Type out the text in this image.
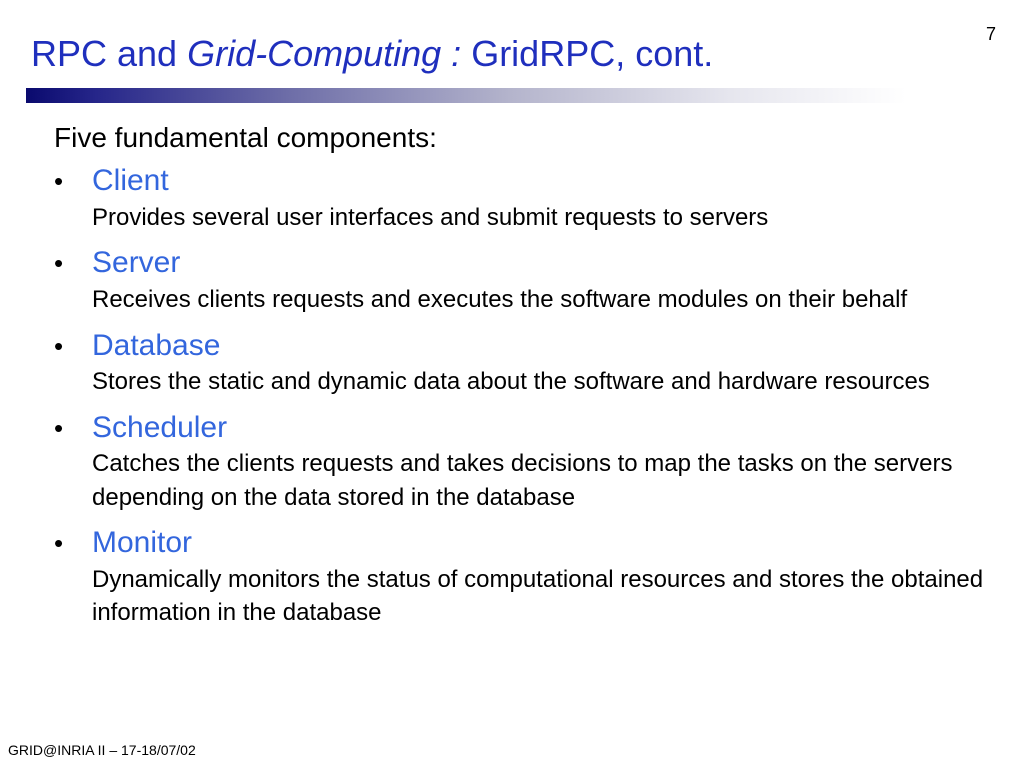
7
RPC and Grid-Computing : GridRPC, cont.
Five fundamental components:
• Client
Provides several user interfaces and submit requests to servers
• Server
Receives clients requests and executes the software modules on their behalf
• Database
Stores the static and dynamic data about the software and hardware resources
• Scheduler
Catches the clients requests and takes decisions to map the tasks on the servers depending on the data stored in the database
• Monitor
Dynamically monitors the status of computational resources and stores the obtained information in the database
GRID@INRIA II – 17-18/07/02
